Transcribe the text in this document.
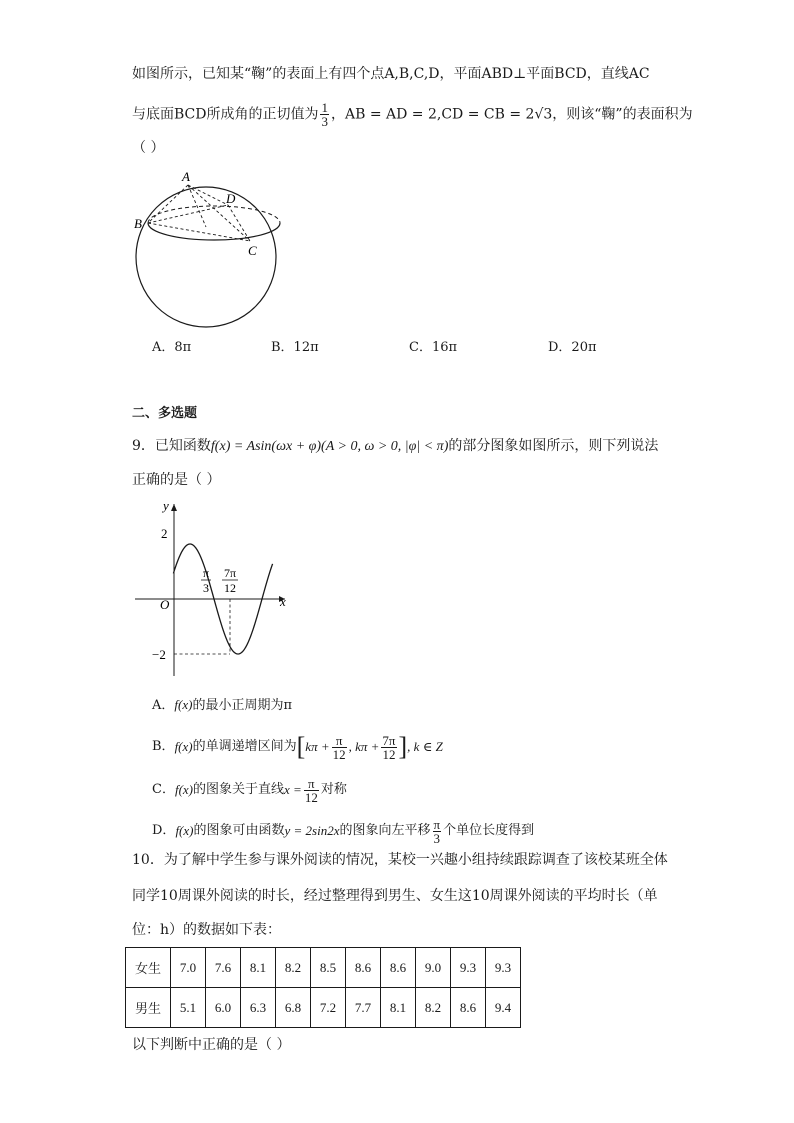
如图所示，已知某“鞠”的表面上有四个点A,B,C,D，平面ABD⊥平面BCD，直线AC
与底面BCD所成角的正切值为 $\frac{1}{3}$ ，AB = AD = 2,CD = CB = 2√3，则该“鞠”的表面积为
（ ）
A
B
C
D
A．8π	B．12π	C．16π	D．20π
二、多选题
9．已知函数f(x) = Asin(ωx + φ)(A > 0, ω > 0, |φ| < π)的部分图象如图所示，则下列说法
正确的是（ ）
y
x
O
2
−2
π
3
7π
12
A．f(x)的最小正周期为π
B． f(x) 的单调递增区间为 [ $k\pi + \frac{\pi}{12}$ , $k\pi + \frac{7\pi}{12}$ ] , k ∈ Z
C． f(x) 的图象关于直线 $x = \frac{\pi}{12}$ 对称
D． f(x) 的图象可由函数 y = 2sin2x 的图象向左平移 $\frac{\pi}{3}$ 个单位长度得到
10．为了解中学生参与课外阅读的情况，某校一兴趣小组持续跟踪调查了该校某班全体
同学10周课外阅读的时长，经过整理得到男生、女生这10周课外阅读的平均时长（单
位：h）的数据如下表：
女生	7.0	7.6	8.1	8.2	8.5	8.6	8.6	9.0	9.3	9.3
男生	5.1	6.0	6.3	6.8	7.2	7.7	8.1	8.2	8.6	9.4
以下判断中正确的是（ ）
